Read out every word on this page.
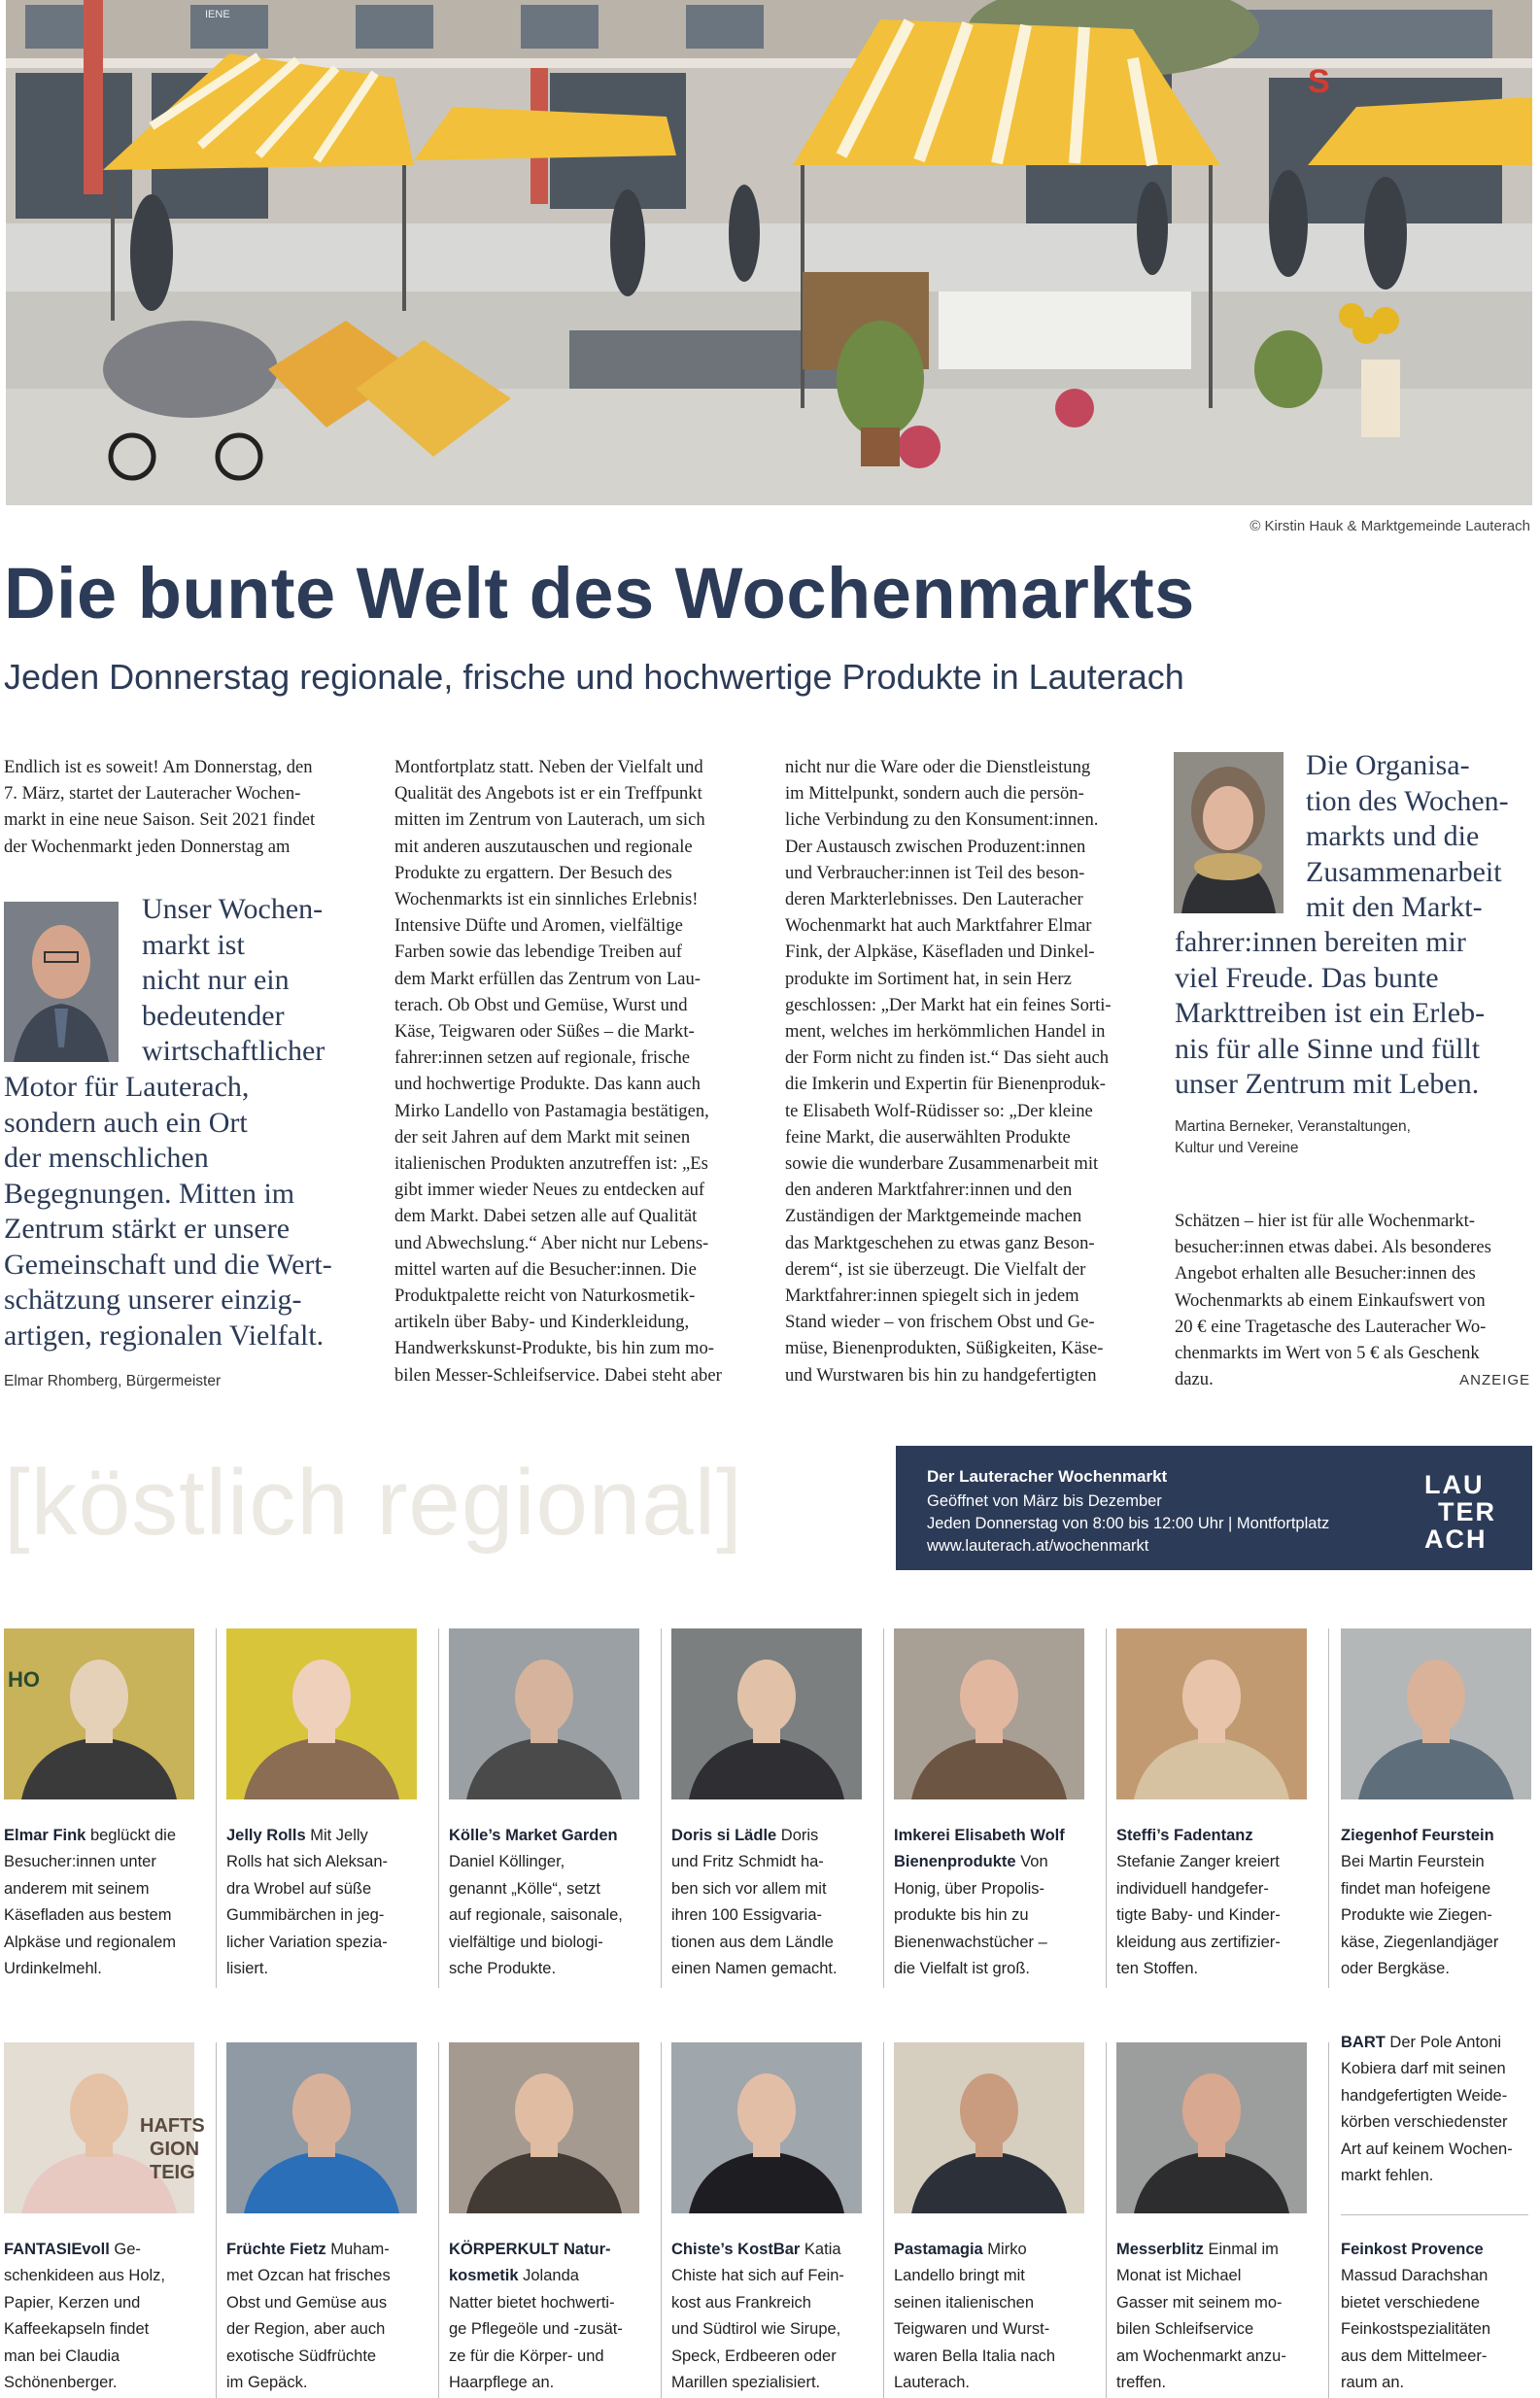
S
IENE
© Kirstin Hauk & Marktgemeinde Lauterach
Die bunte Welt des Wochenmarkts
Jeden Donnerstag regionale, frische und hochwertige Produkte in Lauterach

Endlich ist es soweit! Am Donnerstag, den

7. März, startet der Lauteracher Wochen-

markt in eine neue Saison. Seit 2021 findet

der Wochenmarkt jeden Donnerstag am

Unser Wochen-
markt ist
nicht nur ein
bedeutender
wirtschaftlicher
Motor für Lauterach,
sondern auch ein Ort
der menschlichen
Begegnungen. Mitten im
Zentrum stärkt er unsere
Gemeinschaft und die Wert-
schätzung unserer einzig-
artigen, regionalen Vielfalt.
Elmar Rhomberg, Bürgermeister

Montfortplatz statt. Neben der Vielfalt und

Qualität des Angebots ist er ein Treffpunkt

mitten im Zentrum von Lauterach, um sich

mit anderen auszutauschen und regionale

Produkte zu ergattern. Der Besuch des

Wochenmarkts ist ein sinnliches Erlebnis!

Intensive Düfte und Aromen, vielfältige

Farben sowie das lebendige Treiben auf

dem Markt erfüllen das Zentrum von Lau-

terach. Ob Obst und Gemüse, Wurst und

Käse, Teigwaren oder Süßes – die Markt-

fahrer:innen setzen auf regionale, frische

und hochwertige Produkte. Das kann auch

Mirko Landello von Pastamagia bestätigen,

der seit Jahren auf dem Markt mit seinen

italienischen Produkten anzutreffen ist: „Es

gibt immer wieder Neues zu entdecken auf

dem Markt. Dabei setzen alle auf Qualität

und Abwechslung.“ Aber nicht nur Lebens-

mittel warten auf die Besucher:innen. Die

Produktpalette reicht von Naturkosmetik-

artikeln über Baby- und Kinderkleidung,

Handwerkskunst-Produkte, bis hin zum mo-

bilen Messer-Schleifservice. Dabei steht aber

nicht nur die Ware oder die Dienstleistung

im Mittelpunkt, sondern auch die persön-

liche Verbindung zu den Konsument:innen.

Der Austausch zwischen Produzent:innen

und Verbraucher:innen ist Teil des beson-

deren Markterlebnisses. Den Lauteracher

Wochenmarkt hat auch Marktfahrer Elmar

Fink, der Alpkäse, Käsefladen und Dinkel-

produkte im Sortiment hat, in sein Herz

geschlossen: „Der Markt hat ein feines Sorti-

ment, welches im herkömmlichen Handel in

der Form nicht zu finden ist.“ Das sieht auch

die Imkerin und Expertin für Bienenproduk-

te Elisabeth Wolf-Rüdisser so: „Der kleine

feine Markt, die auserwählten Produkte

sowie die wunderbare Zusammenarbeit mit

den anderen Marktfahrer:innen und den

Zuständigen der Marktgemeinde machen

das Marktgeschehen zu etwas ganz Beson-

derem“, ist sie überzeugt. Die Vielfalt der

Marktfahrer:innen spiegelt sich in jedem

Stand wieder – von frischem Obst und Ge-

müse, Bienenprodukten, Süßigkeiten, Käse-

und Wurstwaren bis hin zu handgefertigten

Die Organisa-
tion des Wochen-
markts und die
Zusammenarbeit
mit den Markt-
fahrer:innen bereiten mir
viel Freude. Das bunte
Markttreiben ist ein Erleb-
nis für alle Sinne und füllt
unser Zentrum mit Leben.
Martina Berneker, Veranstaltungen,
Kultur und Vereine

Schätzen – hier ist für alle Wochenmarkt-

besucher:innen etwas dabei. Als besonderes

Angebot erhalten alle Besucher:innen des

Wochenmarkts ab einem Einkaufswert von

20 € eine Tragetasche des Lauteracher Wo-

chenmarkts im Wert von 5 € als Geschenk

dazu.	ANZEIGE
[köstlich regional]	Der Lauteracher Wochenmarkt
Geöffnet von März bis Dezember
Jeden Donnerstag von 8:00 bis 12:00 Uhr | Montfortplatz
www.lauterach.at/wochenmarkt
LAU
TER
ACH
HO
Elmar Fink beglückt die
Besucher:innen unter
anderem mit seinem
Käsefladen aus bestem
Alpkäse und regionalem
Urdinkelmehl.
Jelly Rolls Mit Jelly
Rolls hat sich Aleksan-
dra Wrobel auf süße
Gummibärchen in jeg-
licher Variation spezia-
lisiert.
Kölle’s Market Garden
Daniel Köllinger,
genannt „Kölle“, setzt
auf regionale, saisonale,
vielfältige und biologi-
sche Produkte.
Doris si Lädle Doris
und Fritz Schmidt ha-
ben sich vor allem mit
ihren 100 Essigvaria-
tionen aus dem Ländle
einen Namen gemacht.
Imkerei Elisabeth Wolf
Bienenprodukte Von
Honig, über Propolis-
produkte bis hin zu
Bienenwachstücher –
die Vielfalt ist groß.
Steffi’s Fadentanz
Stefanie Zanger kreiert
individuell handgefer-
tigte Baby- und Kinder-
kleidung aus zertifizier-
ten Stoffen.
Ziegenhof Feurstein
Bei Martin Feurstein
findet man hofeigene
Produkte wie Ziegen-
käse, Ziegenlandjäger
oder Bergkäse.
HAFTS
GION
TEIG
FANTASIEvoll Ge-
schenkideen aus Holz,
Papier, Kerzen und
Kaffeekapseln findet
man bei Claudia
Schönenberger.
Früchte Fietz Muham-
met Ozcan hat frisches
Obst und Gemüse aus
der Region, aber auch
exotische Südfrüchte
im Gepäck.
KÖRPERKULT Natur-
kosmetik Jolanda
Natter bietet hochwerti-
ge Pflegeöle und -zusät-
ze für die Körper- und
Haarpflege an.
Chiste’s KostBar Katia
Chiste hat sich auf Fein-
kost aus Frankreich
und Südtirol wie Sirupe,
Speck, Erdbeeren oder
Marillen spezialisiert.
Pastamagia Mirko
Landello bringt mit
seinen italienischen
Teigwaren und Wurst-
waren Bella Italia nach
Lauterach.
Messerblitz Einmal im
Monat ist Michael
Gasser mit seinem mo-
bilen Schleifservice
am Wochenmarkt anzu-
treffen.
Feinkost Provence
Massud Darachshan
bietet verschiedene
Feinkostspezialitäten
aus dem Mittelmeer-
raum an.
BART Der Pole Antoni
Kobiera darf mit seinen
handgefertigten Weide-
körben verschiedenster
Art auf keinem Wochen-
markt fehlen.
